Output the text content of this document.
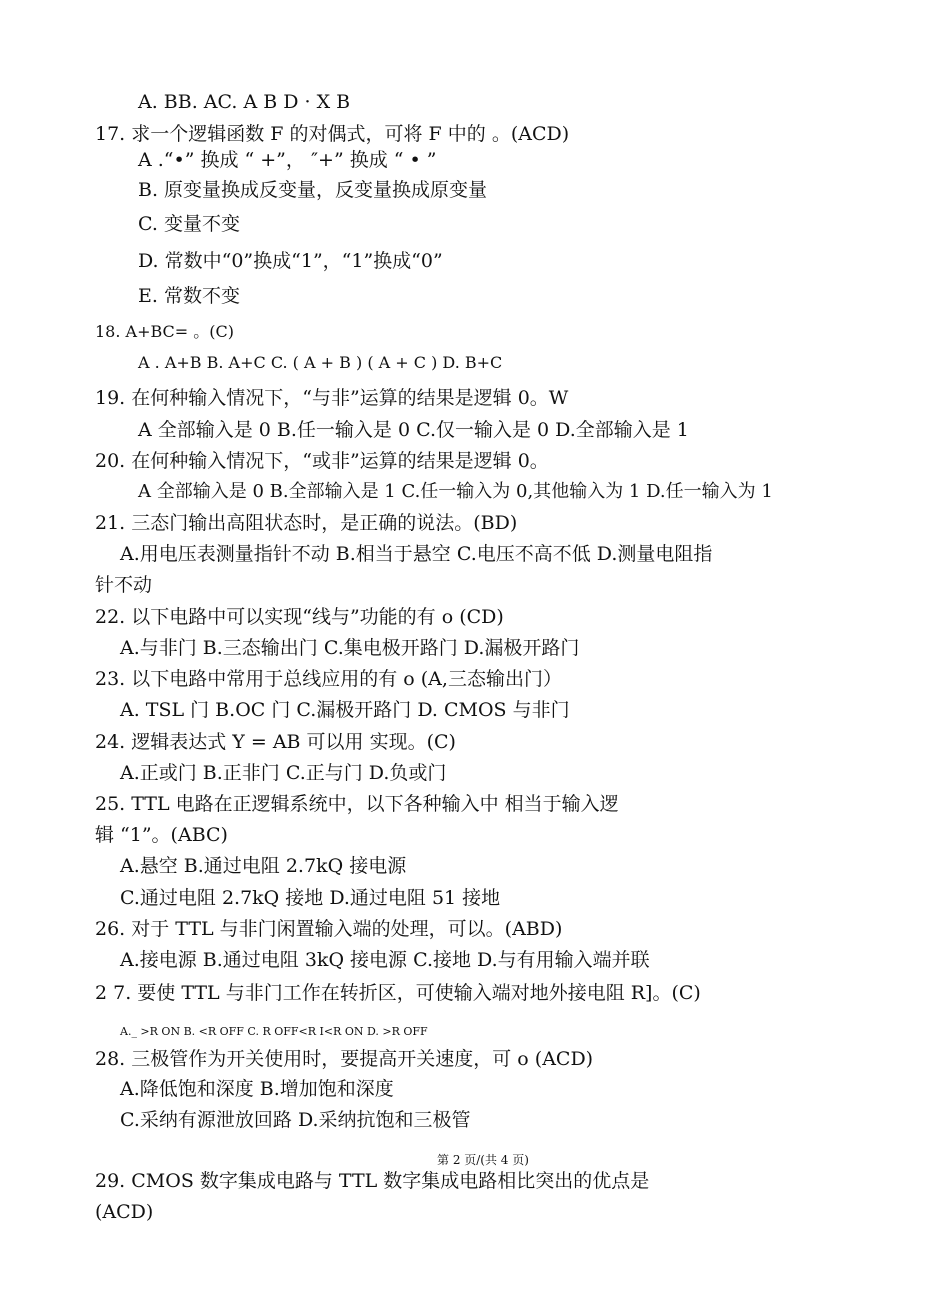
A. BB. AC. A B D · X B
17. 求一个逻辑函数 F 的对偶式，可将 F 中的 。(ACD)
A .“•” 换成 “ +”， ″+” 换成 “ • ”
B. 原变量换成反变量，反变量换成原变量
C. 变量不变
D. 常数中“0”换成“1”，“1”换成“0”
E. 常数不变
18. A+BC= 。(C)
A . A+B B. A+C C. ( A + B ) ( A + C ) D. B+C
19. 在何种输入情况下，“与非”运算的结果是逻辑 0。W
A 全部输入是 0 B.任一输入是 0 C.仅一输入是 0 D.全部输入是 1
20. 在何种输入情况下，“或非”运算的结果是逻辑 0。
A 全部输入是 0 B.全部输入是 1 C.任一输入为 0,其他输入为 1 D.任一输入为 1
21. 三态门输出高阻状态时，是正确的说法。(BD)
A.用电压表测量指针不动 B.相当于悬空 C.电压不高不低 D.测量电阻指
针不动
22. 以下电路中可以实现“线与”功能的有 o (CD)
A.与非门 B.三态输出门 C.集电极开路门 D.漏极开路门
23. 以下电路中常用于总线应用的有 o (A,三态输出门）
A. TSL 门 B.OC 门 C.漏极开路门 D. CMOS 与非门
24. 逻辑表达式 Y = AB 可以用 实现。(C)
A.正或门 B.正非门 C.正与门 D.负或门
25. TTL 电路在正逻辑系统中，以下各种输入中 相当于输入逻
辑 “1”。(ABC)
A.悬空 B.通过电阻 2.7kQ 接电源
C.通过电阻 2.7kQ 接地 D.通过电阻 51 接地
26. 对于 TTL 与非门闲置输入端的处理，可以。(ABD)
A.接电源 B.通过电阻 3kQ 接电源 C.接地 D.与有用输入端并联
2 7. 要使 TTL 与非门工作在转折区，可使输入端对地外接电阻 R]。(C)
A._ >R ON B. <R OFF C. R OFF<R I<R ON D. >R OFF
28. 三极管作为开关使用时，要提高开关速度，可 o (ACD)
A.降低饱和深度 B.增加饱和深度
C.采纳有源泄放回路 D.采纳抗饱和三极管
第 2 页/(共 4 页)
29. CMOS 数字集成电路与 TTL 数字集成电路相比突出的优点是
(ACD)
